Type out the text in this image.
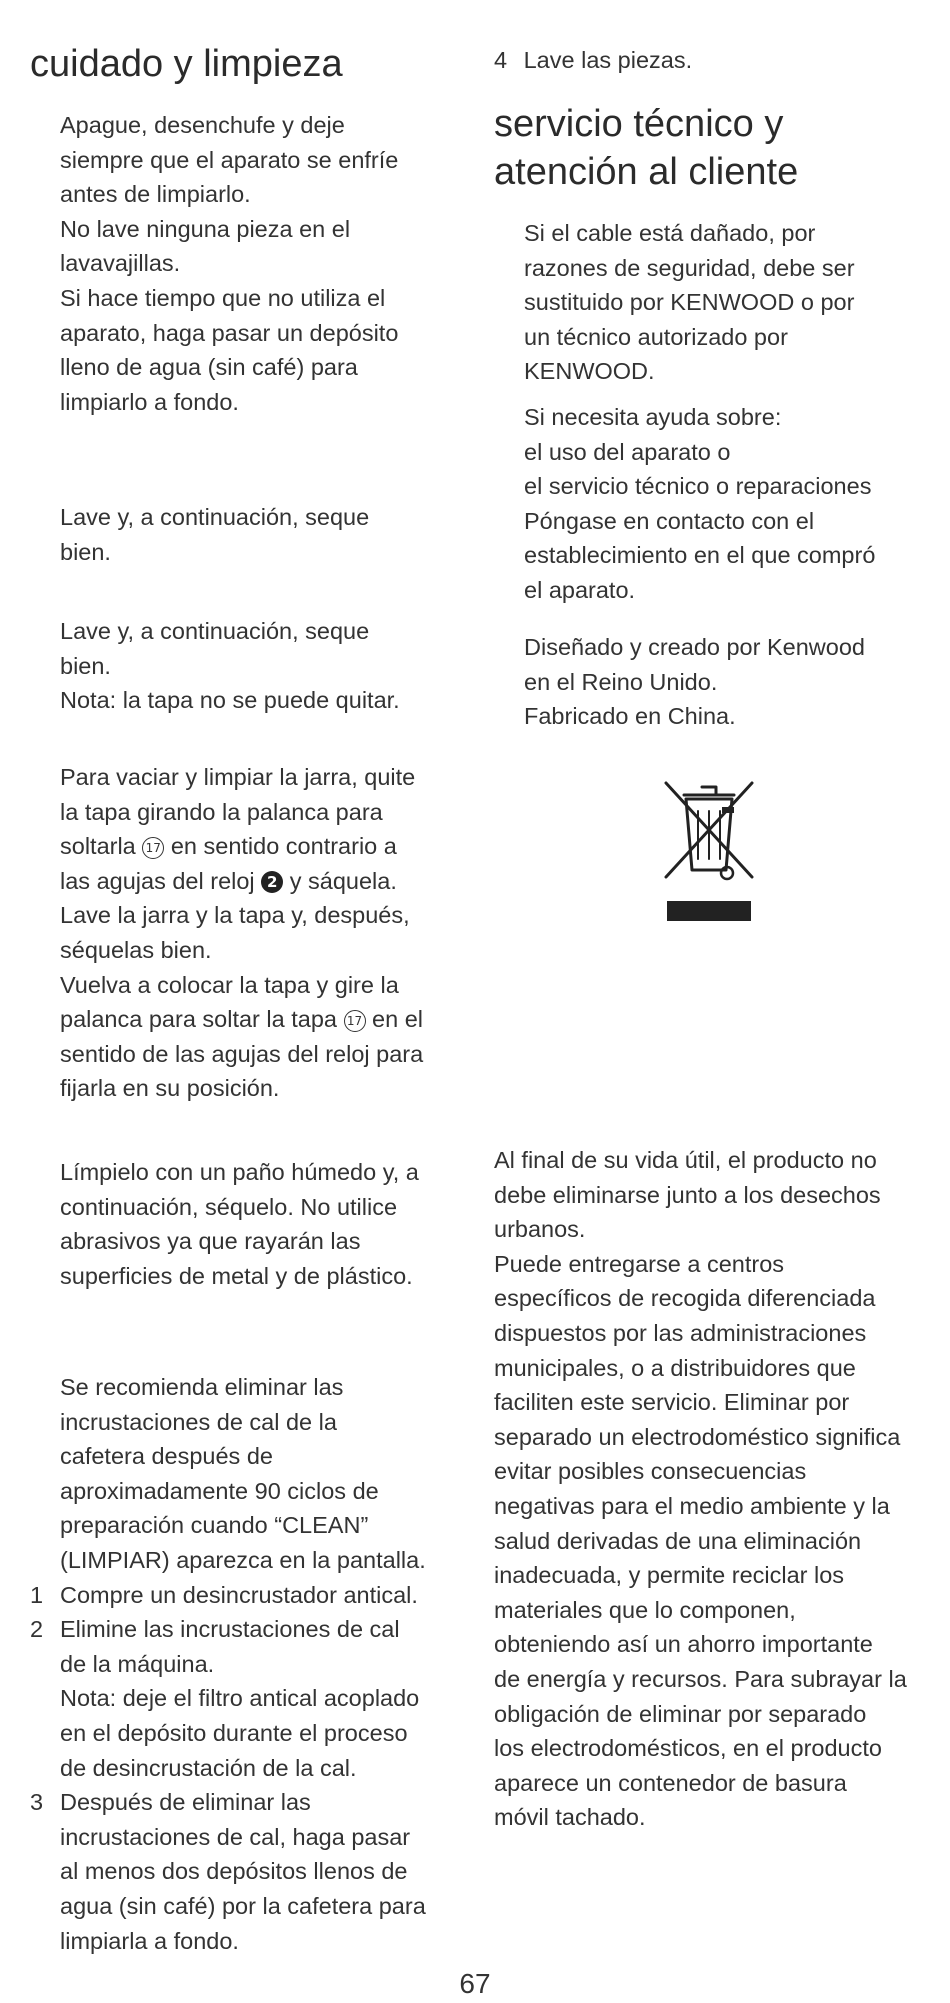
cuidado y limpieza
Apague, desenchufe y deje
siempre que el aparato se enfríe
antes de limpiarlo.
No lave ninguna pieza en el
lavavajillas.
Si hace tiempo que no utiliza el
aparato, haga pasar un depósito
lleno de agua (sin café) para
limpiarlo a fondo.
Lave y, a continuación, seque
bien.
Lave y, a continuación, seque
bien.
Nota: la tapa no se puede quitar.
Para vaciar y limpiar la jarra, quite
la tapa girando la palanca para
soltarla 17 en sentido contrario a
las agujas del reloj 2 y sáquela.
Lave la jarra y la tapa y, después,
séquelas bien.
Vuelva a colocar la tapa y gire la
palanca para soltar la tapa 17 en el
sentido de las agujas del reloj para
fijarla en su posición.
Límpielo con un paño húmedo y, a
continuación, séquelo. No utilice
abrasivos ya que rayarán las
superficies de metal y de plástico.
Se recomienda eliminar las
incrustaciones de cal de la
cafetera después de
aproximadamente 90 ciclos de
preparación cuando “CLEAN”
(LIMPIAR) aparezca en la pantalla.
1 Compre un desincrustador antical.
2 Elimine las incrustaciones de cal
de la máquina.
Nota: deje el filtro antical acoplado
en el depósito durante el proceso
de desincrustación de la cal.
3 Después de eliminar las
incrustaciones de cal, haga pasar
al menos dos depósitos llenos de
agua (sin café) por la cafetera para
limpiarla a fondo.
4 Lave las piezas.
servicio técnico y
atención al cliente
Si el cable está dañado, por
razones de seguridad, debe ser
sustituido por KENWOOD o por
un técnico autorizado por
KENWOOD.
Si necesita ayuda sobre:
el uso del aparato o
el servicio técnico o reparaciones
Póngase en contacto con el
establecimiento en el que compró
el aparato.
Diseñado y creado por Kenwood
en el Reino Unido.
Fabricado en China.
Al final de su vida útil, el producto no
debe eliminarse junto a los desechos
urbanos.
Puede entregarse a centros
específicos de recogida diferenciada
dispuestos por las administraciones
municipales, o a distribuidores que
faciliten este servicio. Eliminar por
separado un electrodoméstico significa
evitar posibles consecuencias
negativas para el medio ambiente y la
salud derivadas de una eliminación
inadecuada, y permite reciclar los
materiales que lo componen,
obteniendo así un ahorro importante
de energía y recursos. Para subrayar la
obligación de eliminar por separado
los electrodomésticos, en el producto
aparece un contenedor de basura
móvil tachado.
67
